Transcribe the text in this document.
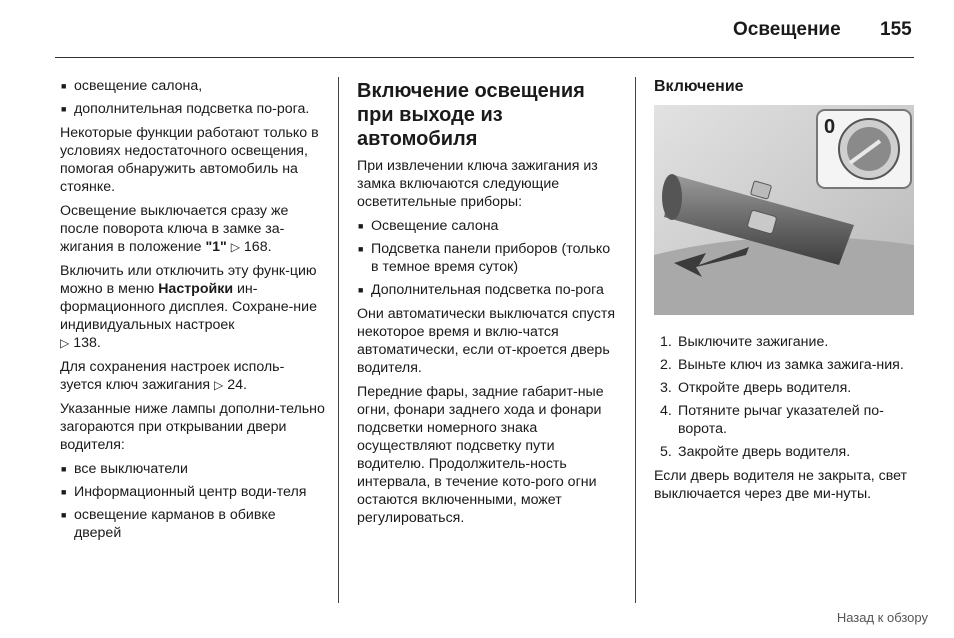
Освещение 155
■ освещение салона,
■ дополнительная подсветка по-рога.

Некоторые функции работают только в условиях недостаточного освещения, помогая обнаружить автомобиль на стоянке.

Освещение выключается сразу же после поворота ключа в замке за-жигания в положение "1" ▷ 168.

Включить или отключить эту функ-цию можно в меню Настройки ин-формационного дисплея. Сохране-ние индивидуальных настроек
▷ 138.

Для сохранения настроек исполь-зуется ключ зажигания ▷ 24.

Указанные ниже лампы дополни-тельно загораются при открывании двери водителя:

■ все выключатели
■ Информационный центр води-теля
■ освещение карманов в обивке дверей
Включение освещения при выходе из автомобиля

При извлечении ключа зажигания из замка включаются следующие осветительные приборы:

■ Освещение салона
■ Подсветка панели приборов (только в темное время суток)
■ Дополнительная подсветка по-рога

Они автоматически выключатся спустя некоторое время и вклю-чатся автоматически, если от-кроется дверь водителя.

Передние фары, задние габарит-ные огни, фонари заднего хода и фонари подсветки номерного знака осуществляют подсветку пути водителю. Продолжитель-ность интервала, в течение кото-рого огни остаются включенными, может регулироваться.

Включение
0
1. Выключите зажигание.
2. Выньте ключ из замка зажига-ния.
3. Откройте дверь водителя.
4. Потяните рычаг указателей по-ворота.
5. Закройте дверь водителя.

Если дверь водителя не закрыта, свет выключается через две ми-нуты.

Назад к обзору
